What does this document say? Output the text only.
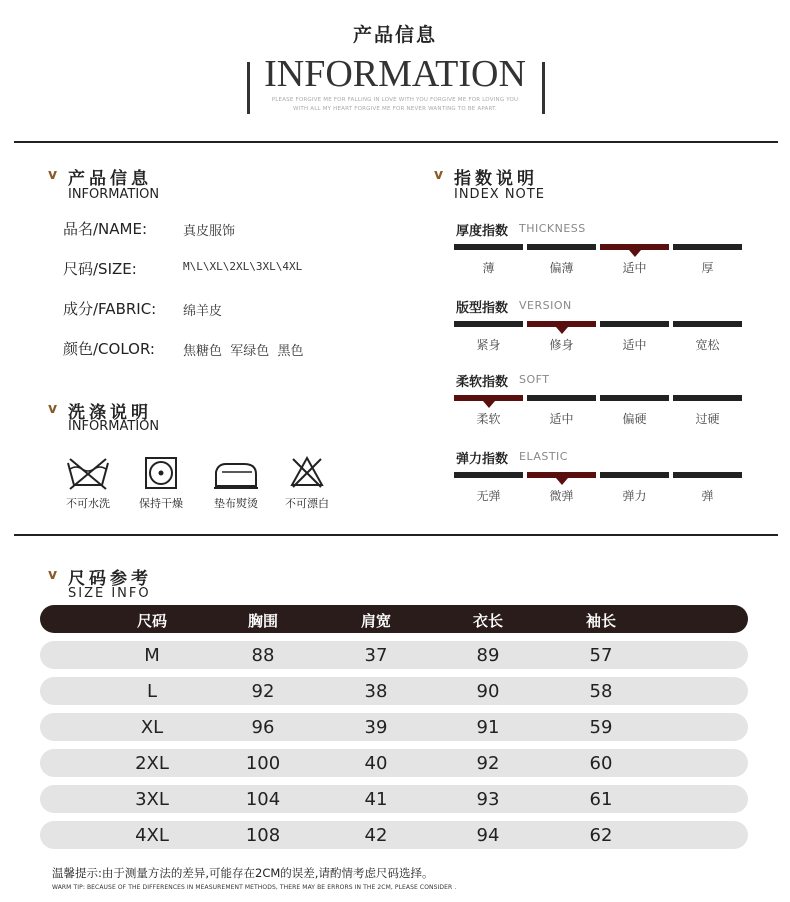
产品信息
INFORMATION
PLEASE FORGIVE ME FOR FALLING IN LOVE WITH YOU FORGIVE ME FOR LOVING YOU
WITH ALL MY HEART FORGIVE ME FOR NEVER WANTING TO BE APART.
v 产品信息
INFORMATION
品名/NAME:	真皮服饰
尺码/SIZE:	M\L\XL\2XL\3XL\4XL
成分/FABRIC: 绵羊皮
颜色/COLOR: 焦糖色  军绿色  黑色
v 洗涤说明
INFORMATION
不可水洗	保持干燥	垫布熨烫	不可漂白
v 指数说明
INDEX NOTE
厚度指数 THICKNESS
薄	偏薄	适中	厚
版型指数 VERSION
紧身	修身	适中	宽松
柔软指数 SOFT
柔软	适中	偏硬	过硬
弹力指数 ELASTIC
无弹	微弹	弹力	弹
v 尺码参考
SIZE INFO
尺码	胸围	肩宽	衣长	袖长
M	88	37	89	57
L	92	38	90	58
XL	96	39	91	59
2XL	100	40	92	60
3XL	104	41	93	61
4XL	108	42	94	62
温馨提示:由于测量方法的差异,可能存在2CM的误差,请酌情考虑尺码选择。
WARM TIP: BECAUSE OF THE DIFFERENCES IN MEASUREMENT METHODS, THERE MAY BE ERRORS IN THE 2CM, PLEASE CONSIDER .
